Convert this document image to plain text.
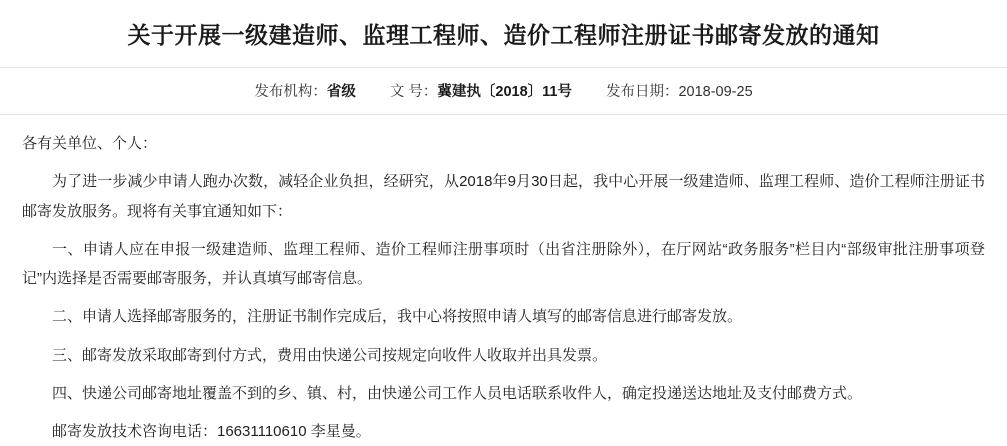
关于开展一级建造师、监理工程师、造价工程师注册证书邮寄发放的通知
发布机构：省级 文 号：冀建执〔2018〕11号 发布日期：2018-09-25

各有关单位、个人：

为了进一步减少申请人跑办次数，减轻企业负担，经研究，从2018年9月30日起，我中心开展一级建造师、监理工程师、造价工程师注册证书邮寄发放服务。现将有关事宜通知如下：

一、申请人应在申报一级建造师、监理工程师、造价工程师注册事项时（出省注册除外），在厅网站“政务服务”栏目内“部级审批注册事项登记”内选择是否需要邮寄服务，并认真填写邮寄信息。

二、申请人选择邮寄服务的，注册证书制作完成后，我中心将按照申请人填写的邮寄信息进行邮寄发放。

三、邮寄发放采取邮寄到付方式，费用由快递公司按规定向收件人收取并出具发票。

四、快递公司邮寄地址覆盖不到的乡、镇、村，由快递公司工作人员电话联系收件人，确定投递送达地址及支付邮费方式。

邮寄发放技术咨询电话：16631110610 李星曼。
